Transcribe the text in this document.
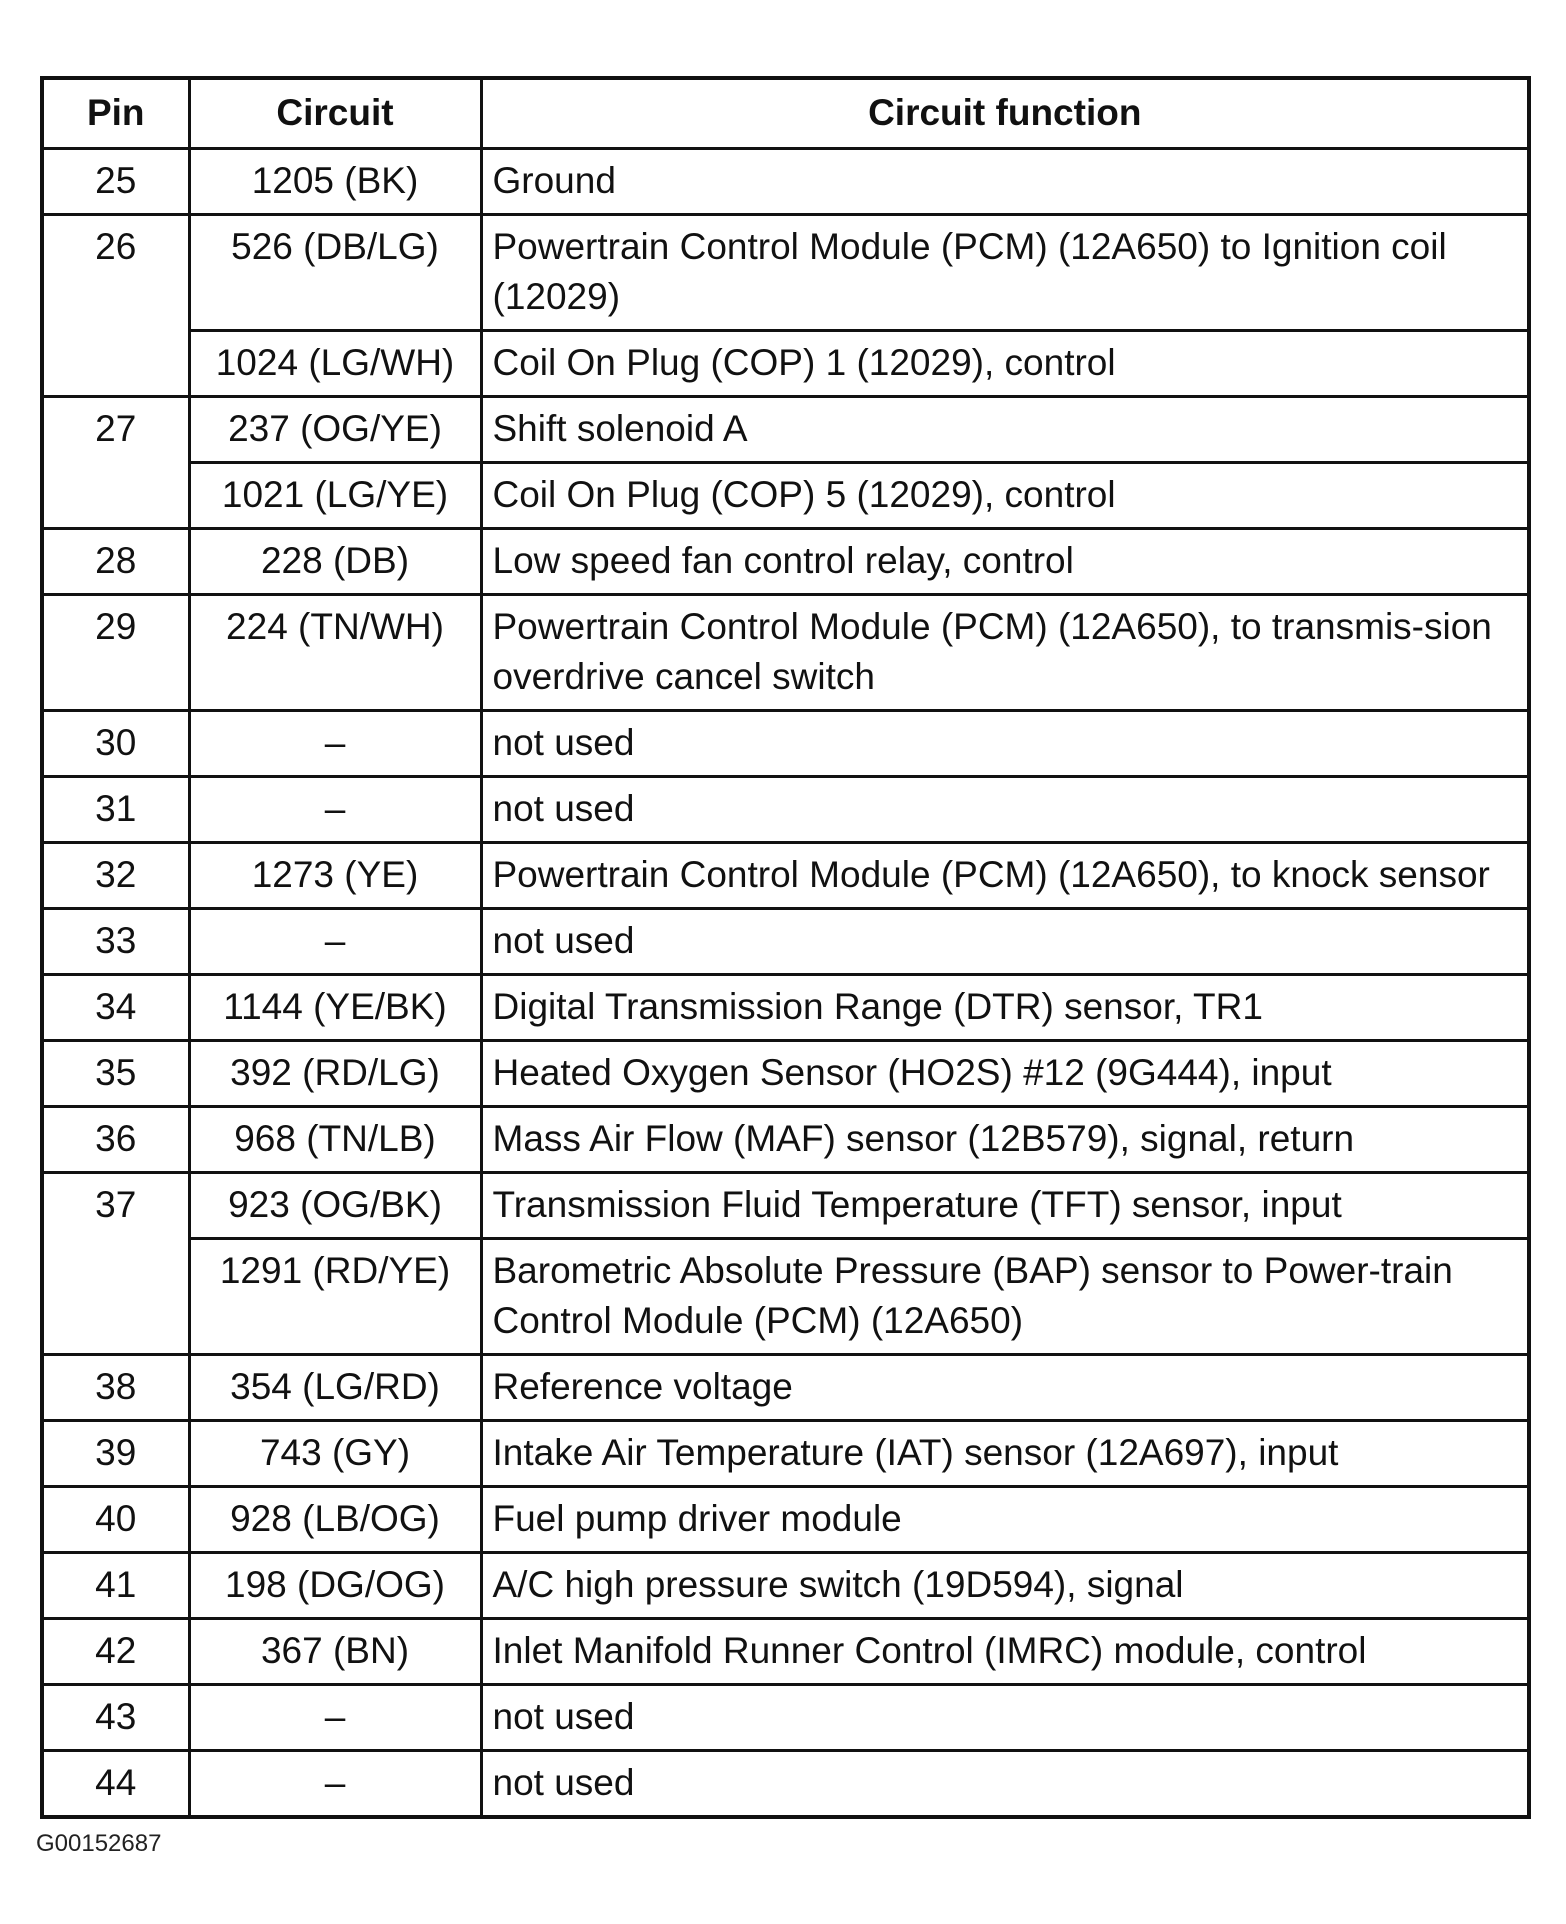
Pin	Circuit	Circuit function
25	1205 (BK)	Ground
26	526 (DB/LG)	Powertrain Control Module (PCM) (12A650) to Ignition coil (12029)
	1024 (LG/WH)	Coil On Plug (COP) 1 (12029), control
27	237 (OG/YE)	Shift solenoid A
	1021 (LG/YE)	Coil On Plug (COP) 5 (12029), control
28	228 (DB)	Low speed fan control relay, control
29	224 (TN/WH)	Powertrain Control Module (PCM) (12A650), to transmis-sion overdrive cancel switch
30	–	not used
31	–	not used
32	1273 (YE)	Powertrain Control Module (PCM) (12A650), to knock sensor
33	–	not used
34	1144 (YE/BK)	Digital Transmission Range (DTR) sensor, TR1
35	392 (RD/LG)	Heated Oxygen Sensor (HO2S) #12 (9G444), input
36	968 (TN/LB)	Mass Air Flow (MAF) sensor (12B579), signal, return
37	923 (OG/BK)	Transmission Fluid Temperature (TFT) sensor, input
	1291 (RD/YE)	Barometric Absolute Pressure (BAP) sensor to Power-train Control Module (PCM) (12A650)
38	354 (LG/RD)	Reference voltage
39	743 (GY)	Intake Air Temperature (IAT) sensor (12A697), input
40	928 (LB/OG)	Fuel pump driver module
41	198 (DG/OG)	A/C high pressure switch (19D594), signal
42	367 (BN)	Inlet Manifold Runner Control (IMRC) module, control
43	–	not used
44	–	not used
G00152687
